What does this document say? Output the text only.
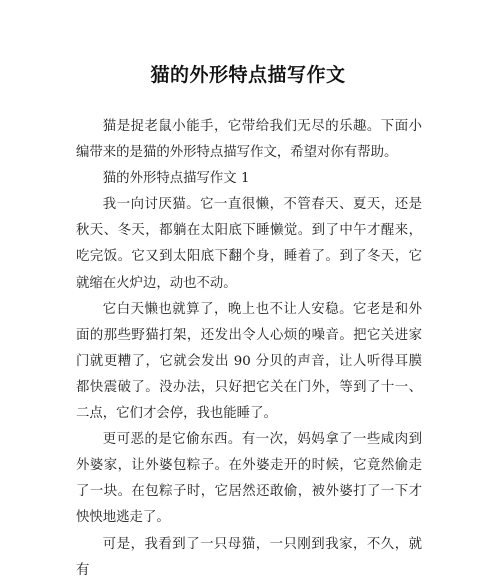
猫的外形特点描写作文

猫是捉老鼠小能手，它带给我们无尽的乐趣。下面小编带来的是猫的外形特点描写作文，希望对你有帮助。

猫的外形特点描写作文 1

我一向讨厌猫。它一直很懒，不管春天、夏天，还是秋天、冬天，都躺在太阳底下睡懒觉。到了中午才醒来，吃完饭。它又到太阳底下翻个身，睡着了。到了冬天，它就缩在火炉边，动也不动。

它白天懒也就算了，晚上也不让人安稳。它老是和外面的那些野猫打架，还发出令人心烦的噪音。把它关进家门就更糟了，它就会发出 90 分贝的声音，让人听得耳膜都快震破了。没办法，只好把它关在门外，等到了十一、二点，它们才会停，我也能睡了。

更可恶的是它偷东西。有一次，妈妈拿了一些咸肉到外婆家，让外婆包粽子。在外婆走开的时候，它竟然偷走了一块。在包粽子时，它居然还敢偷，被外婆打了一下才怏怏地逃走了。

可是，我看到了一只母猫，一只刚到我家，不久，就有
